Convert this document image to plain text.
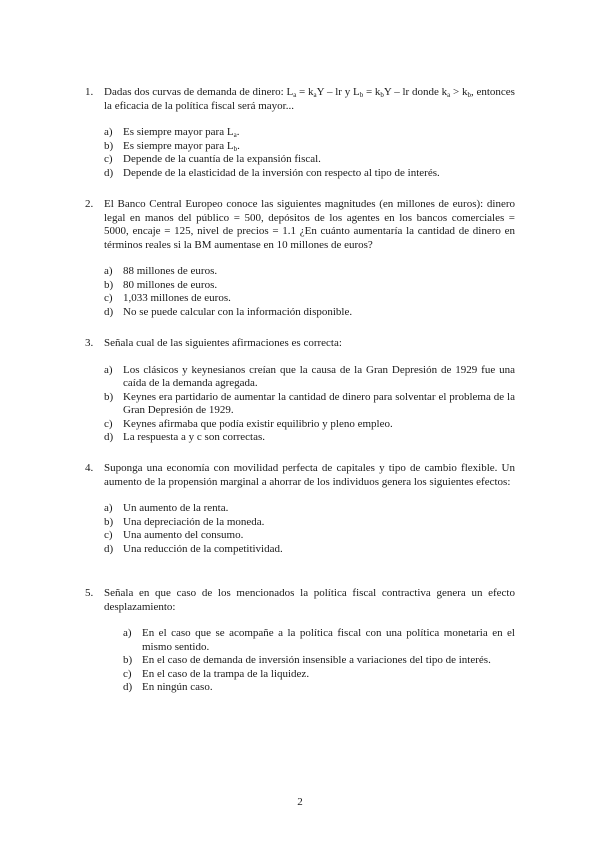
1. Dadas dos curvas de demanda de dinero: $L_a = k_aY$ – lr y $L_b = k_bY$ – lr donde $k_a > k_b$, entonces la eficacia de la política fiscal será mayor...
a) Es siempre mayor para $L_a$.
b) Es siempre mayor para $L_b$.
c) Depende de la cuantía de la expansión fiscal.
d) Depende de la elasticidad de la inversión con respecto al tipo de interés.
2. El Banco Central Europeo conoce las siguientes magnitudes (en millones de euros): dinero legal en manos del público = 500, depósitos de los agentes en los bancos comerciales = 5000, encaje = 125, nivel de precios = 1.1 ¿En cuánto aumentaría la cantidad de dinero en términos reales si la BM aumentase en 10 millones de euros?
a) 88 millones de euros.
b) 80 millones de euros.
c) 1,033 millones de euros.
d) No se puede calcular con la información disponible.
3. Señala cual de las siguientes afirmaciones es correcta:
a) Los clásicos y keynesianos creían que la causa de la Gran Depresión de 1929 fue una caída de la demanda agregada.
b) Keynes era partidario de aumentar la cantidad de dinero para solventar el problema de la Gran Depresión de 1929.
c) Keynes afirmaba que podía existir equilibrio y pleno empleo.
d) La respuesta a y c son correctas.
4. Suponga una economía con movilidad perfecta de capitales y tipo de cambio flexible. Un aumento de la propensión marginal a ahorrar de los individuos genera los siguientes efectos:
a) Un aumento de la renta.
b) Una depreciación de la moneda.
c) Una aumento del consumo.
d) Una reducción de la competitividad.
5. Señala en que caso de los mencionados la política fiscal contractiva genera un efecto desplazamiento:
a) En el caso que se acompañe a la política fiscal con una política monetaria en el mismo sentido.
b) En el caso de demanda de inversión insensible a variaciones del tipo de interés.
c) En el caso de la trampa de la liquidez.
d) En ningún caso.
2
